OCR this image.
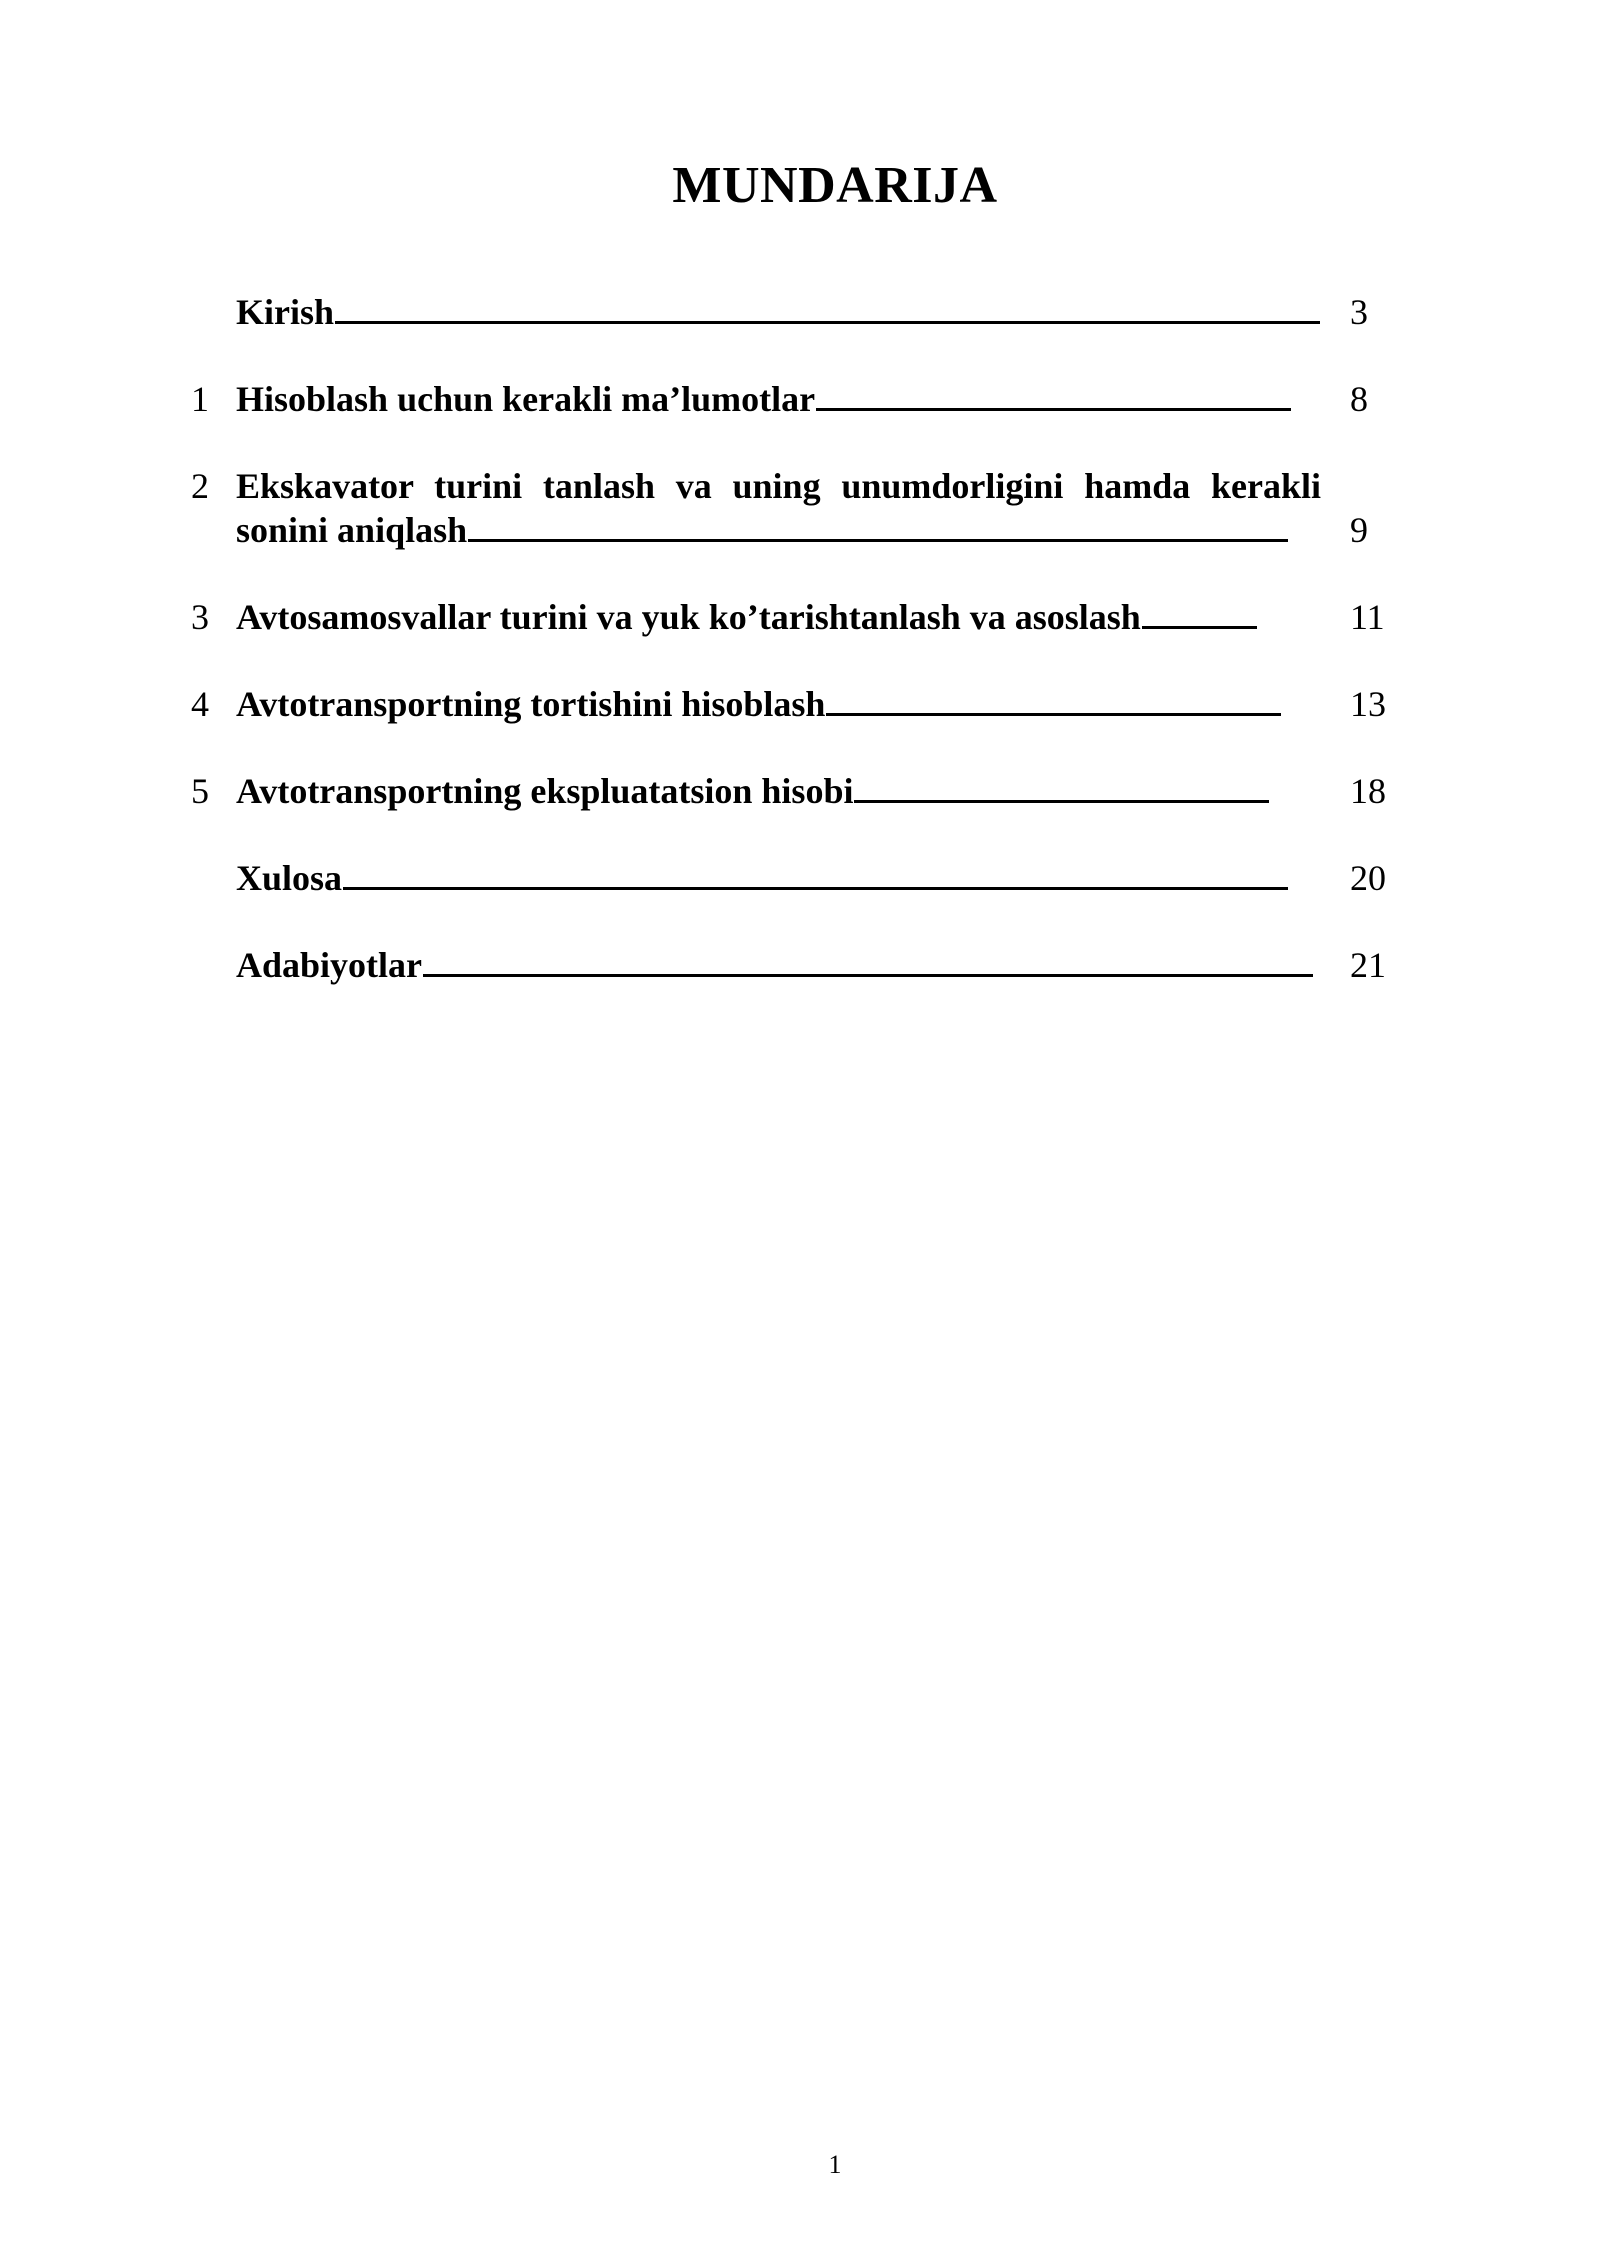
MUNDARIJA
Kirish	3
1 Hisoblash uchun kerakli ma’lumotlar	8
2 Ekskavator turini tanlash va uning unumdorligini hamda kerakli sonini aniqlash	9
3 Avtosamosvallar turini va yuk ko’tarishtanlash va asoslash	11
4 Avtotransportning tortishini hisoblash	13
5 Avtotransportning ekspluatatsion hisobi	18
Xulosa	20
Adabiyotlar	21
1
